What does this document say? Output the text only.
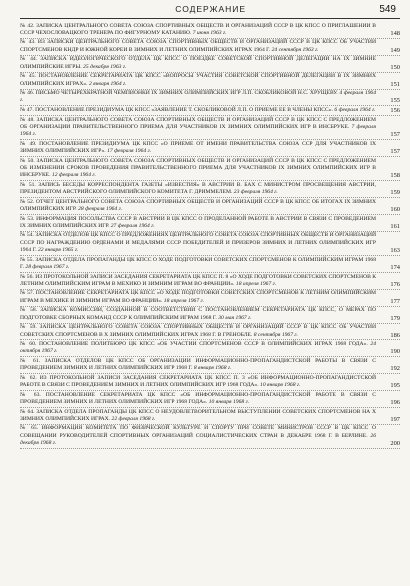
СОДЕРЖАНИЕ	549
№ 42. ЗАПИСКА ЦЕНТРАЛЬНОГО СОВЕТА СОЮЗА СПОРТИВНЫХ ОБЩЕСТВ И ОРГАНИЗАЦИЙ СССР В ЦК КПСС О ПРИГЛАШЕНИИ В СССР ЧЕХОСЛОВАЦКОГО ТРЕНЕРА ПО ФИГУРНОМУ КАТАНИЮ. 7 июня 1963 г.	148
№ 43. ИЗ ЗАПИСКИ ЦЕНТРАЛЬНОГО СОВЕТА СОЮЗА СПОРТИВНЫХ ОБЩЕСТВ И ОРГАНИЗАЦИЙ СССР В ЦК КПСС ОБ УЧАСТИИ СПОРТСМЕНОВ КНДР И ЮЖНОЙ КОРЕИ В ЗИМНИХ И ЛЕТНИХ ОЛИМПИЙСКИХ ИГРАХ 1964 Г. 24 сентября 1963 г.	149
№ 44. ЗАПИСКА ИДЕОЛОГИЧЕСКОГО ОТДЕЛА ЦК КПСС О ПОЕЗДКЕ СОВЕТСКОЙ СПОРТИВНОЙ ДЕЛЕГАЦИИ НА IX ЗИМНИЕ ОЛИМПИЙСКИЕ ИГРЫ. 25 декабря 1963 г.	150
№ 45. ПОСТАНОВЛЕНИЕ СЕКРЕТАРИАТА ЦК КПСС «ВОПРОСЫ УЧАСТИЯ СОВЕТСКОЙ СПОРТИВНОЙ ДЕЛЕГАЦИИ В IX ЗИМНИХ ОЛИМПИЙСКИХ ИГРАХ». 2 января 1964 г.	151
№ 46. ПИСЬМО ЧЕТЫРЕХКРАТНОЙ ЧЕМПИОНКИ IX ЗИМНИХ ОЛИМПИЙСКИХ ИГР Л.П. СКОБЛИКОВОЙ Н.С. ХРУЩЕВУ. 4 февраля 1964 г.	155
№ 47. ПОСТАНОВЛЕНИЕ ПРЕЗИДИУМА ЦК КПСС «ЗАЯВЛЕНИЕ Т. СКОБЛИКОВОЙ Л.П. О ПРИЕМЕ ЕЕ В ЧЛЕНЫ КПСС». 6 февраля 1964 г.	156
№ 48. ЗАПИСКА ЦЕНТРАЛЬНОГО СОВЕТА СОЮЗА СПОРТИВНЫХ ОБЩЕСТВ И ОРГАНИЗАЦИЙ СССР В ЦК КПСС С ПРЕДЛОЖЕНИЕМ ОБ ОРГАНИЗАЦИИ ПРАВИТЕЛЬСТВЕННОГО ПРИЕМА ДЛЯ УЧАСТНИКОВ IX ЗИМНИХ ОЛИМПИЙСКИХ ИГР В ИНСБРУКЕ. 7 февраля 1964 г.	157
№ 49. ПОСТАНОВЛЕНИЕ ПРЕЗИДИУМА ЦК КПСС «О ПРИЕМЕ ОТ ИМЕНИ ПРАВИТЕЛЬСТВА СОЮЗА ССР ДЛЯ УЧАСТНИКОВ IX ЗИМНИХ ОЛИМПИЙСКИХ ИГР». 17 февраля 1964 г.	157
№ 50. ЗАПИСКА ЦЕНТРАЛЬНОГО СОВЕТА СОЮЗА СПОРТИВНЫХ ОБЩЕСТВ И ОРГАНИЗАЦИЙ СССР В ЦК КПСС С ПРЕДЛОЖЕНИЕМ ОБ ИЗМЕНЕНИИ СРОКОВ ПРОВЕДЕНИЯ ПРАВИТЕЛЬСТВЕННОГО ПРИЕМА ДЛЯ УЧАСТНИКОВ IX ЗИМНИХ ОЛИМПИЙСКИХ ИГР В ИНСБРУКЕ. 12 февраля 1964 г.	158
№ 51. ЗАПИСЬ БЕСЕДЫ КОРРЕСПОНДЕНТА ГАЗЕТЫ «ИЗВЕСТИЯ» В АВСТРИИ В. БАХ С МИНИСТРОМ ПРОСВЕЩЕНИЯ АВСТРИИ, ПРЕЗИДЕНТОМ АВСТРИЙСКОГО ОЛИМПИЙСКОГО КОМИТЕТА Г. ДРИММЕЛЕМ. 23 февраля 1964 г.	159
№ 52. ОТЧЕТ ЦЕНТРАЛЬНОГО СОВЕТА СОЮЗА СПОРТИВНЫХ ОБЩЕСТВ И ОРГАНИЗАЦИЙ СССР В ЦК КПСС ОБ ИТОГАХ IX ЗИМНИХ ОЛИМПИЙСКИХ ИГР. 28 февраля 1964 г.	160
№ 53. ИНФОРМАЦИЯ ПОСОЛЬСТВА СССР В АВСТРИИ В ЦК КПСС О ПРОДЕЛАННОЙ РАБОТЕ В АВСТРИИ В СВЯЗИ С ПРОВЕДЕНИЕМ IX ЗИМНИХ ОЛИМПИЙСКИХ ИГР. 27 февраля 1964 г.	161
№ 54. ЗАПИСКА ОТДЕЛОВ ЦК КПСС О ПРЕДЛОЖЕНИЯХ ЦЕНТРАЛЬНОГО СОВЕТА СОЮЗА СПОРТИВНЫХ ОБЩЕСТВ И ОРГАНИЗАЦИЙ СССР ПО НАГРАЖДЕНИЮ ОРДЕНАМИ И МЕДАЛЯМИ СССР ПОБЕДИТЕЛЕЙ И ПРИЗЕРОВ ЗИМНИХ И ЛЕТНИХ ОЛИМПИЙСКИХ ИГР 1964 Г. 22 января 1965 г.	163
№ 55. ЗАПИСКА ОТДЕЛА ПРОПАГАНДЫ ЦК КПСС О ХОДЕ ПОДГОТОВКИ СОВЕТСКИХ СПОРТСМЕНОВ К ОЛИМПИЙСКИМ ИГРАМ 1968 Г. 28 февраля 1967 г.	174
№ 56. ИЗ ПРОТОКОЛЬНОЙ ЗАПИСИ ЗАСЕДАНИЯ СЕКРЕТАРИАТА ЦК КПСС П. 8 «О ХОДЕ ПОДГОТОВКИ СОВЕТСКИХ СПОРТСМЕНОВ К ЛЕТНИМ ОЛИМПИЙСКИМ ИГРАМ В МЕХИКО И ЗИМНИМ ИГРАМ ВО ФРАНЦИИ». 18 апреля 1967 г.	176
№ 57. ПОСТАНОВЛЕНИЕ СЕКРЕТАРИАТА ЦК КПСС «О ХОДЕ ПОДГОТОВКИ СОВЕТСКИХ СПОРТСМЕНОВ К ЛЕТНИМ ОЛИМПИЙСКИМ ИГРАМ В МЕХИКЕ И ЗИМНИМ ИГРАМ ВО ФРАНЦИИ». 18 апреля 1967 г.	177
№ 58. ЗАПИСКА КОМИССИИ, СОЗДАННОЙ В СООТВЕТСТВИИ С ПОСТАНОВЛЕНИЕМ СЕКРЕТАРИАТА ЦК КПСС, О МЕРАХ ПО ПОДГОТОВКЕ СБОРНЫХ КОМАНД СССР К ОЛИМПИЙСКИМ ИГРАМ 1968 Г. 30 мая 1967 г.	179
№ 59. ЗАПИСКА ЦЕНТРАЛЬНОГО СОВЕТА СОЮЗА СПОРТИВНЫХ ОБЩЕСТВ И ОРГАНИЗАЦИЙ СССР В ЦК КПСС ОБ УЧАСТИИ СОВЕТСКИХ СПОРТСМЕНОВ В X ЗИМНИХ ОЛИМПИЙСКИХ ИГРАХ 1968 Г. В ГРЕНОБЛЕ. 8 сентября 1967 г.	186
№ 60. ПОСТАНОВЛЕНИЕ ПОЛИТБЮРО ЦК КПСС «ОБ УЧАСТИИ СПОРТСМЕНОВ СССР В ОЛИМПИЙСКИХ ИГРАХ 1968 ГОДА». 24 октября 1967 г.	190
№ 61. ЗАПИСКА ОТДЕЛОВ ЦК КПСС ОБ ОРГАНИЗАЦИИ ИНФОРМАЦИОННО-ПРОПАГАНДИСТСКОЙ РАБОТЫ В СВЯЗИ С ПРОВЕДЕНИЕМ ЗИМНИХ И ЛЕТНИХ ОЛИМПИЙСКИХ ИГР 1968 Г. 8 января 1968 г.	192
№ 62. ИЗ ПРОТОКОЛЬНОЙ ЗАПИСИ ЗАСЕДАНИЯ СЕКРЕТАРИАТА ЦК КПСС П. 3 «ОБ ИНФОРМАЦИОННО-ПРОПАГАНДИСТСКОЙ РАБОТЕ В СВЯЗИ С ПРОВЕДЕНИЕМ ЗИМНИХ И ЛЕТНИХ ОЛИМПИЙСКИХ ИГР 1968 ГОДА». 10 января 1968 г.	195
№ 63. ПОСТАНОВЛЕНИЕ СЕКРЕТАРИАТА ЦК КПСС «ОБ ИНФОРМАЦИОННО-ПРОПАГАНДИСТСКОЙ РАБОТЕ В СВЯЗИ С ПРОВЕДЕНИЕМ ЗИМНИХ И ЛЕТНИХ ОЛИМПИЙСКИХ ИГР 1968 ГОДА». 10 января 1968 г.	196
№ 64. ЗАПИСКА ОТДЕЛА ПРОПАГАНДЫ ЦК КПСС О НЕУДОВЛЕТВОРИТЕЛЬНОМ ВЫСТУПЛЕНИИ СОВЕТСКИХ СПОРТСМЕНОВ НА X ЗИМНИХ ОЛИМПИЙСКИХ ИГРАХ. 22 февраля 1968 г.	197
№ 65. ИНФОРМАЦИЯ КОМИТЕТА ПО ФИЗИЧЕСКОЙ КУЛЬТУРЕ И СПОРТУ ПРИ СОВЕТЕ МИНИСТРОВ СССР В ЦК КПСС О СОВЕЩАНИИ РУКОВОДИТЕЛЕЙ СПОРТИВНЫХ ОРГАНИЗАЦИЙ СОЦИАЛИСТИЧЕСКИХ СТРАН В ДЕКАБРЕ 1968 Г. В БЕРЛИНЕ. 26 декабря 1968 г.	200
